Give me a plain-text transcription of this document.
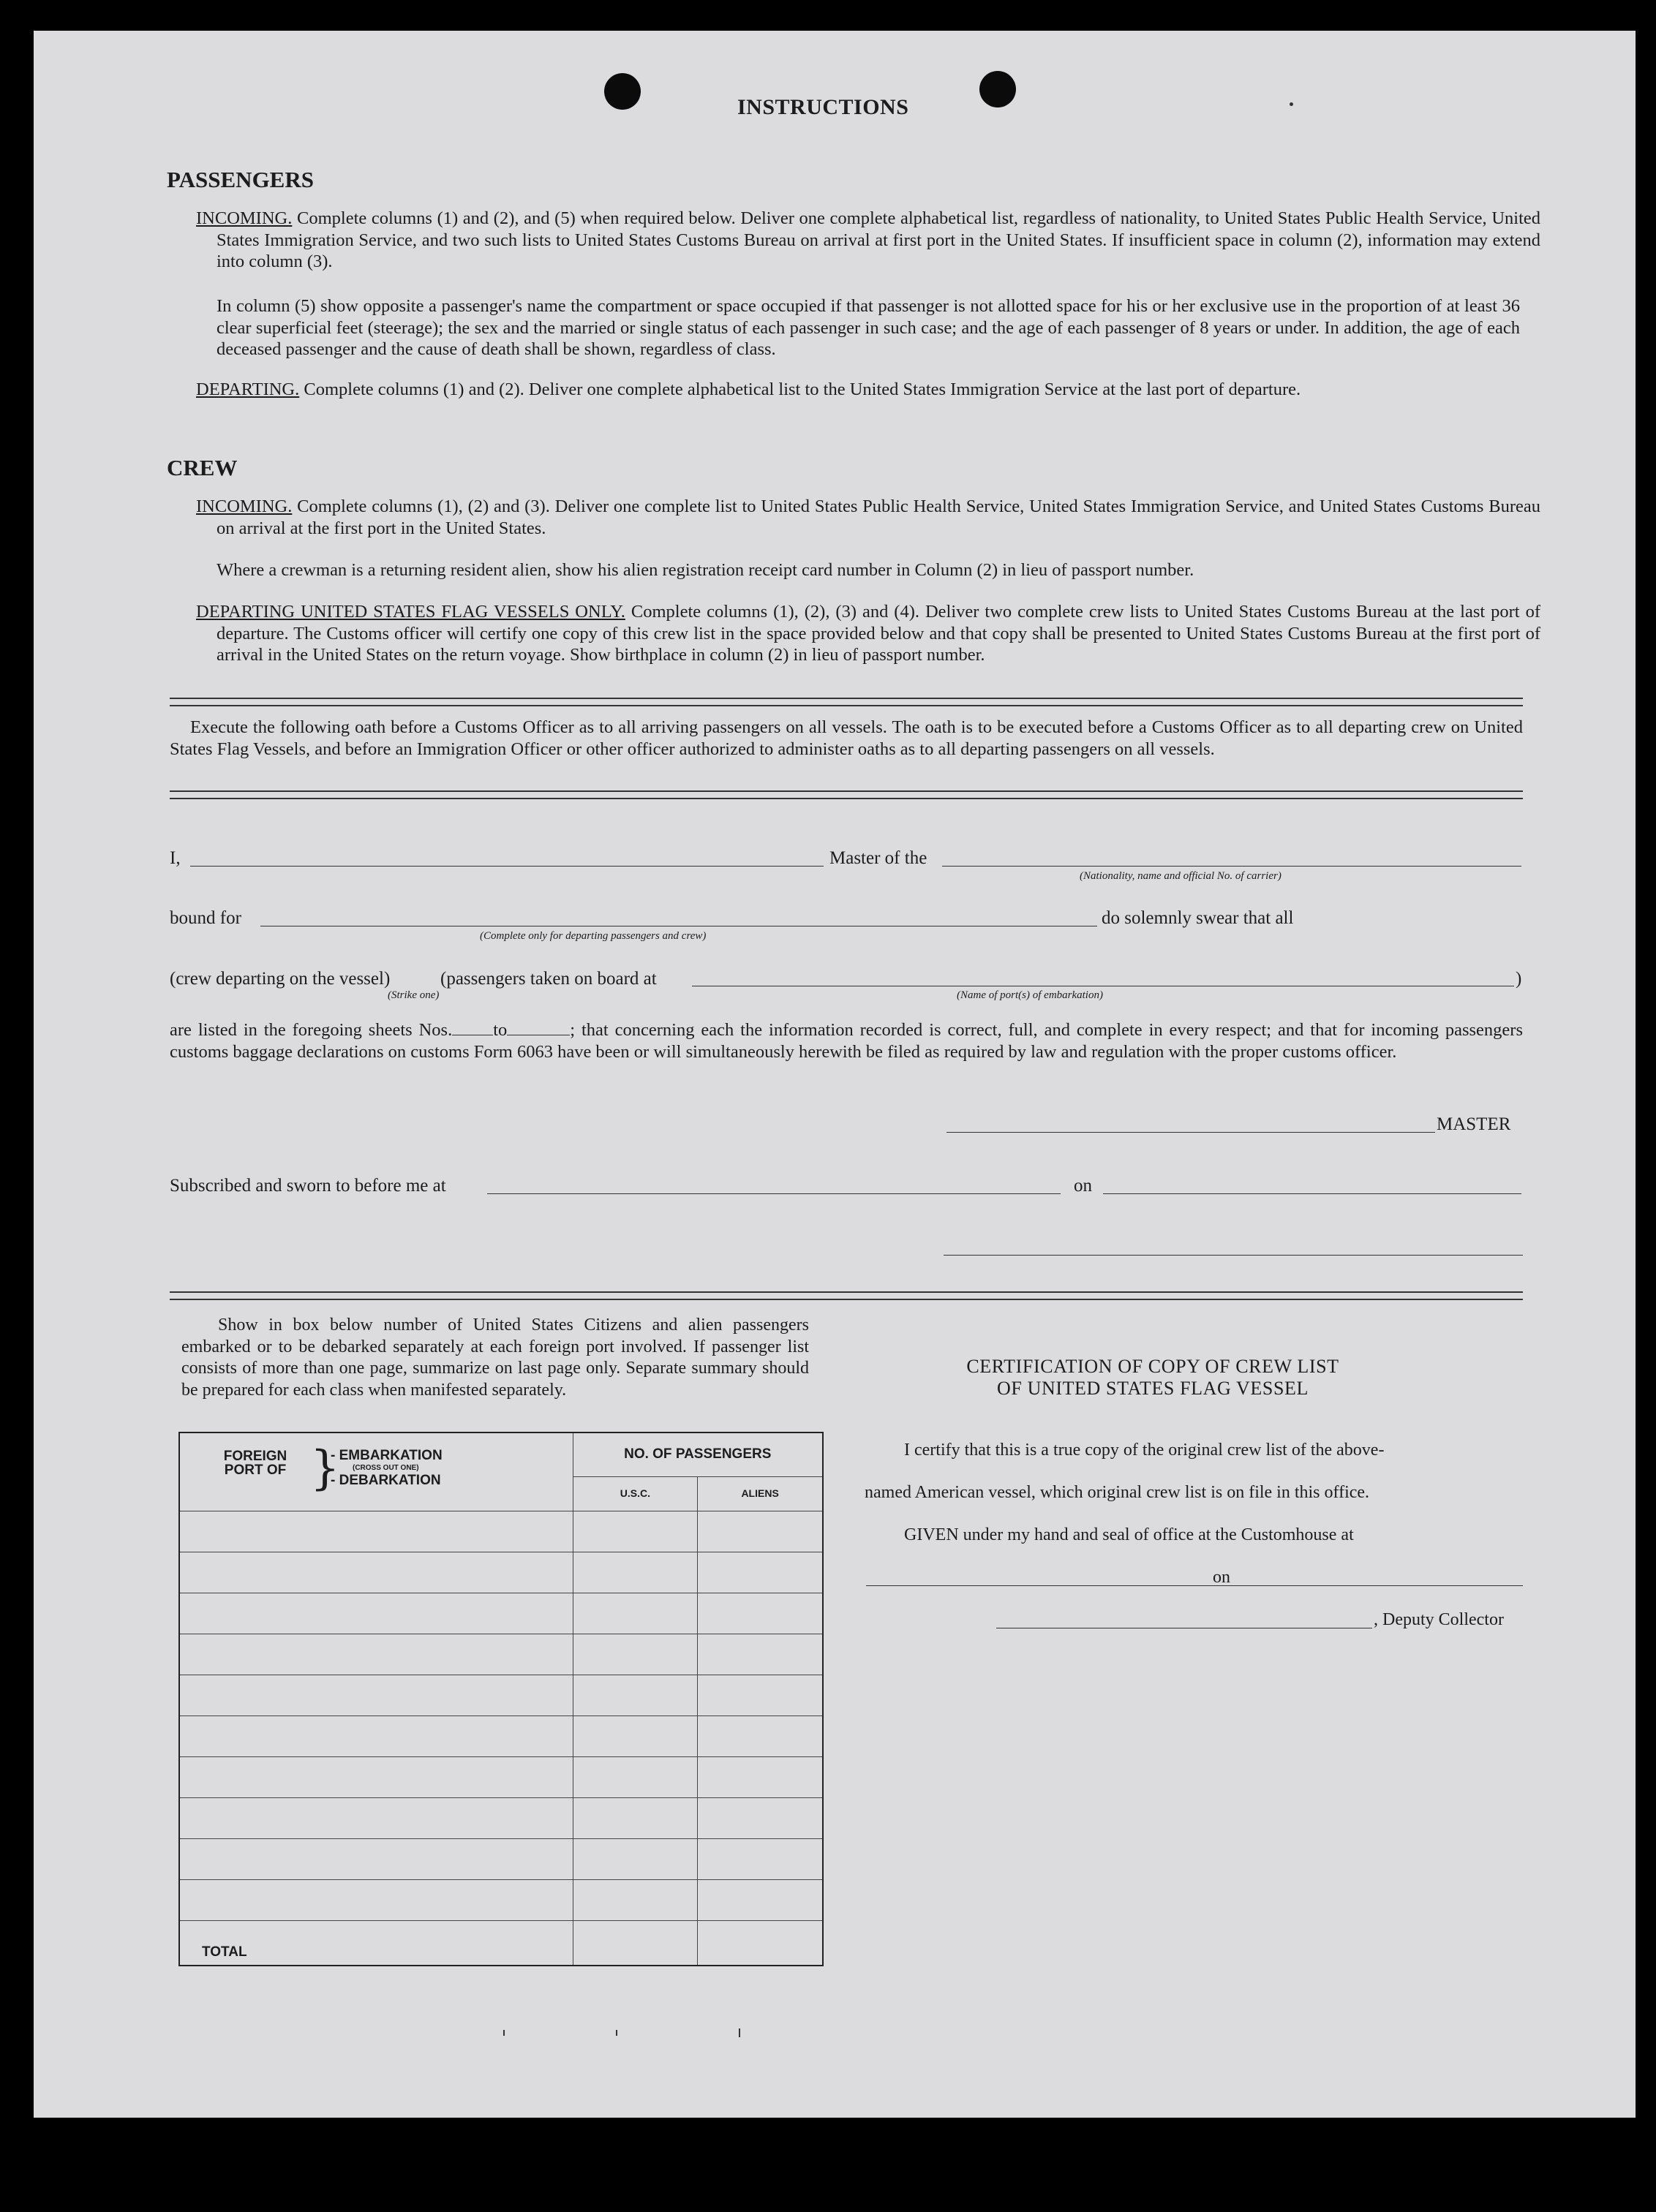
INSTRUCTIONS
PASSENGERS
INCOMING. Complete columns (1) and (2), and (5) when required below. Deliver one complete alphabetical list, regardless of nationality, to United States Public Health Service, United States Immigration Service, and two such lists to United States Customs Bureau on arrival at first port in the United States. If insufficient space in column (2), information may extend into column (3).
In column (5) show opposite a passenger's name the compartment or space occupied if that passenger is not allotted space for his or her exclusive use in the proportion of at least 36 clear superficial feet (steerage); the sex and the married or single status of each passenger in such case; and the age of each passenger of 8 years or under. In addition, the age of each deceased passenger and the cause of death shall be shown, regardless of class.
DEPARTING. Complete columns (1) and (2). Deliver one complete alphabetical list to the United States Immigration Service at the last port of departure.
CREW
INCOMING. Complete columns (1), (2) and (3). Deliver one complete list to United States Public Health Service, United States Immigration Service, and United States Customs Bureau on arrival at the first port in the United States.
Where a crewman is a returning resident alien, show his alien registration receipt card number in Column (2) in lieu of passport number.
DEPARTING UNITED STATES FLAG VESSELS ONLY. Complete columns (1), (2), (3) and (4). Deliver two complete crew lists to United States Customs Bureau at the last port of departure. The Customs officer will certify one copy of this crew list in the space provided below and that copy shall be presented to United States Customs Bureau at the first port of arrival in the United States on the return voyage. Show birthplace in column (2) in lieu of passport number.
Execute the following oath before a Customs Officer as to all arriving passengers on all vessels. The oath is to be executed before a Customs Officer as to all departing crew on United States Flag Vessels, and before an Immigration Officer or other officer authorized to administer oaths as to all departing passengers on all vessels.
I,	Master of the
(Nationality, name and official No. of carrier)
bound for
(Complete only for departing passengers and crew)
do solemnly swear that all
(crew departing on the vessel)	(passengers taken on board at	)
(Strike one)	(Name of port(s) of embarkation)
are listed in the foregoing sheets Nos. to	; that concerning each the information recorded is correct, full, and complete in every respect; and that for incoming passengers customs baggage declarations on customs Form 6063 have been or will simultaneously herewith be filed as required by law and regulation with the proper customs officer.
MASTER
Subscribed and sworn to before me at	on
Show in box below number of United States Citizens and alien passengers embarked or to be debarked separately at each foreign port involved. If passenger list consists of more than one page, summarize on last page only. Separate summary should be prepared for each class when manifested separately.
FOREIGN PORT OF }
- EMBARKATION
(CROSS OUT ONE)
- DEBARKATION	NO. OF PASSENGERS	
	U.S.C.	ALIENS

TOTAL		
CERTIFICATION OF COPY OF CREW LIST
OF UNITED STATES FLAG VESSEL
I certify that this is a true copy of the original crew list of the above-
named American vessel, which original crew list is on file in this office.
GIVEN under my hand and seal of office at the Customhouse at
on
, Deputy Collector
